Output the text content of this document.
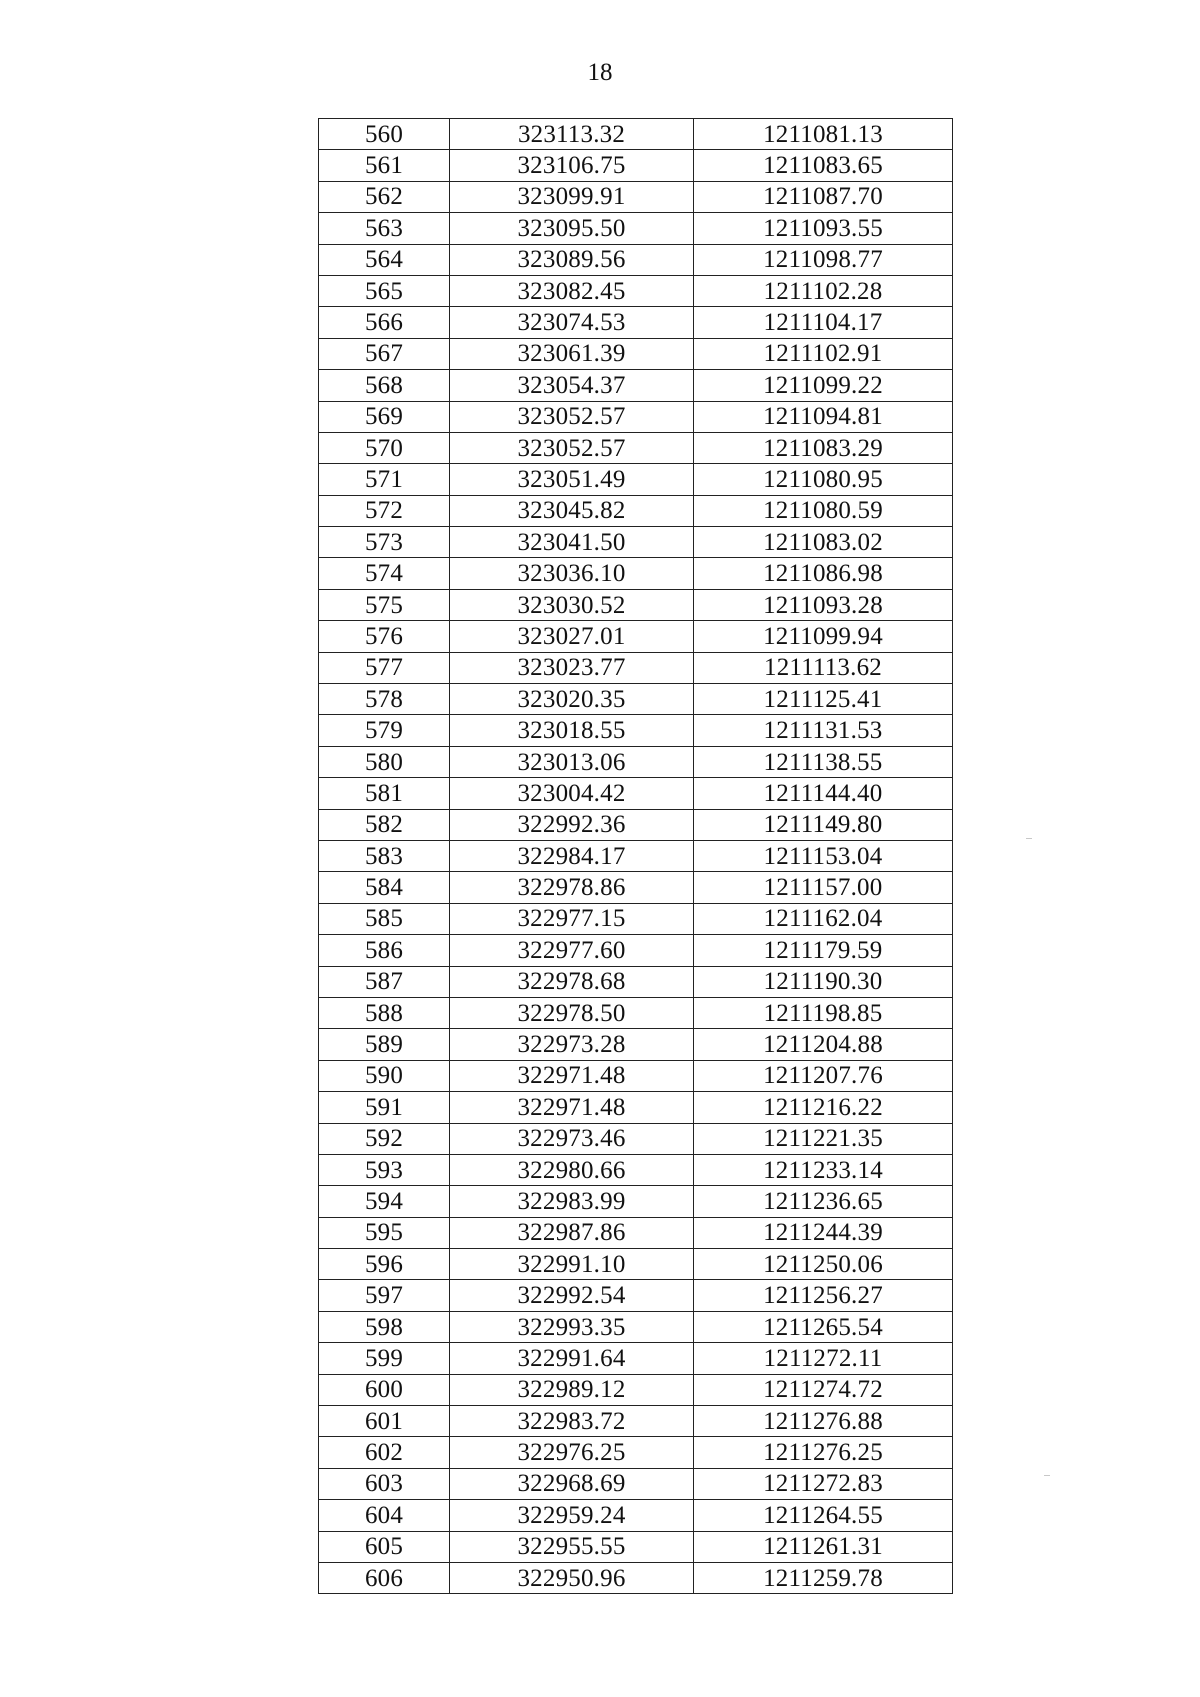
18
560	323113.32	1211081.13
561	323106.75	1211083.65
562	323099.91	1211087.70
563	323095.50	1211093.55
564	323089.56	1211098.77
565	323082.45	1211102.28
566	323074.53	1211104.17
567	323061.39	1211102.91
568	323054.37	1211099.22
569	323052.57	1211094.81
570	323052.57	1211083.29
571	323051.49	1211080.95
572	323045.82	1211080.59
573	323041.50	1211083.02
574	323036.10	1211086.98
575	323030.52	1211093.28
576	323027.01	1211099.94
577	323023.77	1211113.62
578	323020.35	1211125.41
579	323018.55	1211131.53
580	323013.06	1211138.55
581	323004.42	1211144.40
582	322992.36	1211149.80
583	322984.17	1211153.04
584	322978.86	1211157.00
585	322977.15	1211162.04
586	322977.60	1211179.59
587	322978.68	1211190.30
588	322978.50	1211198.85
589	322973.28	1211204.88
590	322971.48	1211207.76
591	322971.48	1211216.22
592	322973.46	1211221.35
593	322980.66	1211233.14
594	322983.99	1211236.65
595	322987.86	1211244.39
596	322991.10	1211250.06
597	322992.54	1211256.27
598	322993.35	1211265.54
599	322991.64	1211272.11
600	322989.12	1211274.72
601	322983.72	1211276.88
602	322976.25	1211276.25
603	322968.69	1211272.83
604	322959.24	1211264.55
605	322955.55	1211261.31
606	322950.96	1211259.78
